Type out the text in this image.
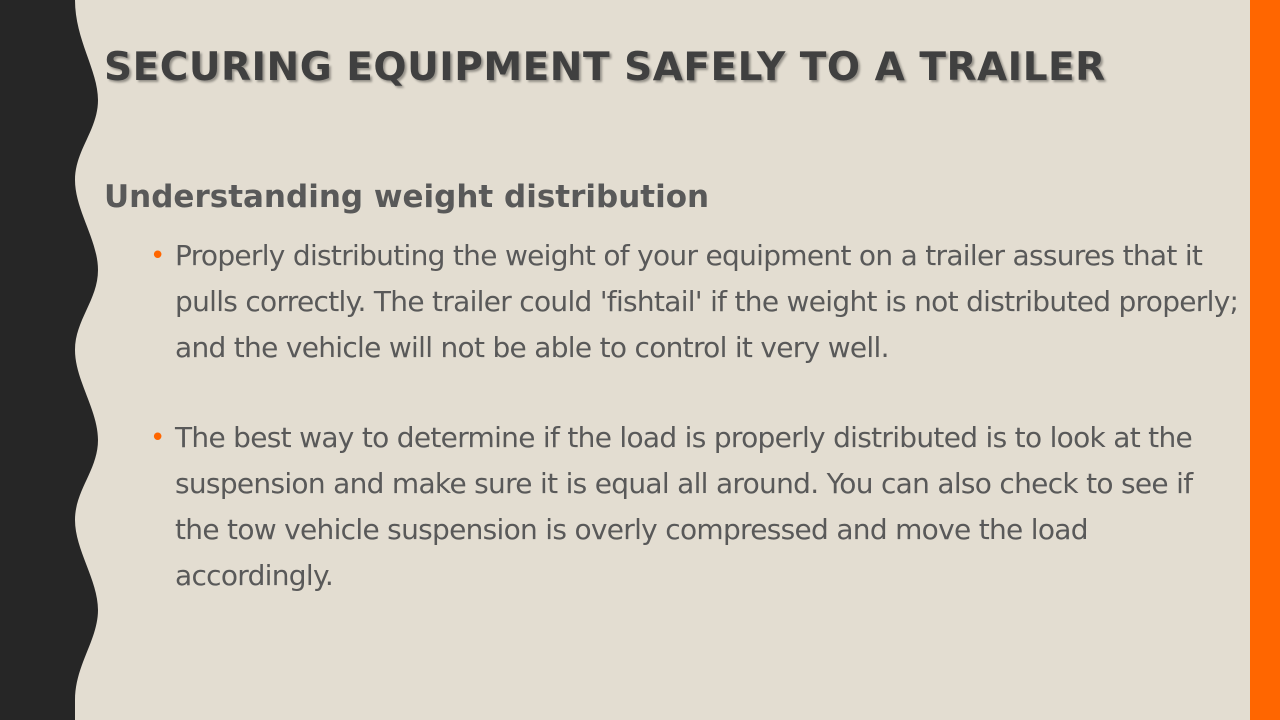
SECURING EQUIPMENT SAFELY TO A TRAILER
Understanding weight distribution
• Properly distributing the weight of your equipment on a trailer assures that it pulls correctly. The trailer could 'fishtail' if the weight is not distributed properly; and the vehicle will not be able to control it very well.
• The best way to determine if the load is properly distributed is to look at the suspension and make sure it is equal all around. You can also check to see if the tow vehicle suspension is overly compressed and move the load accordingly.
